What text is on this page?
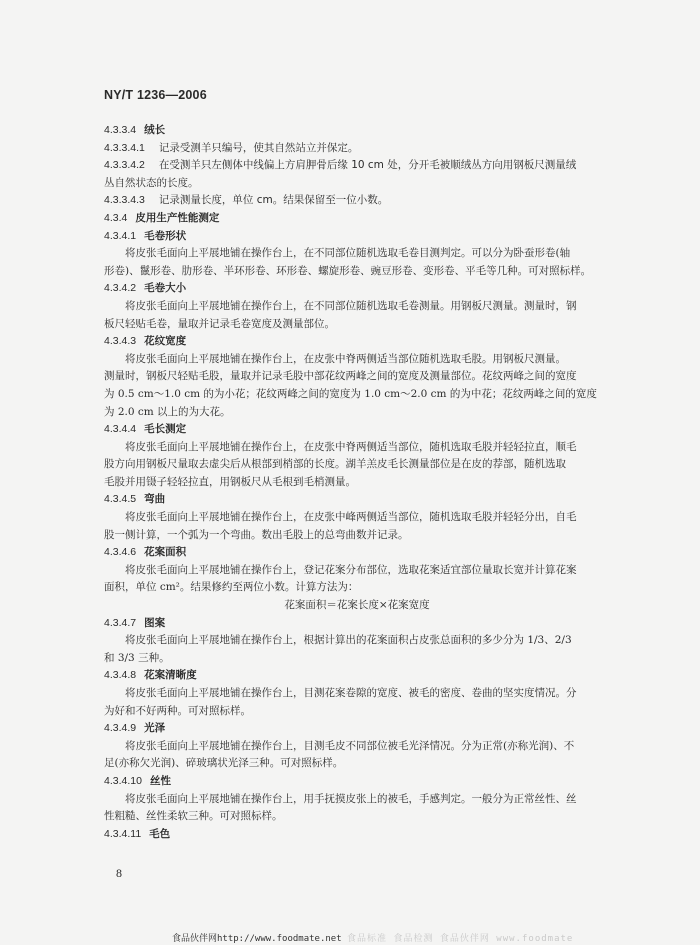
NY/T 1236—2006
4.3.3.4 绒长
4.3.3.4.1 记录受测羊只编号，使其自然站立并保定。
4.3.3.4.2 在受测羊只左侧体中线偏上方肩胛骨后缘 10 cm 处，分开毛被顺绒丛方向用钢板尺测量绒
丛自然状态的长度。
4.3.3.4.3 记录测量长度，单位 cm。结果保留至一位小数。
4.3.4 皮用生产性能测定
4.3.4.1 毛卷形状
将皮张毛面向上平展地铺在操作台上，在不同部位随机选取毛卷目测判定。可以分为卧蚕形卷(轴
形卷)、鬣形卷、肋形卷、半环形卷、环形卷、螺旋形卷、豌豆形卷、变形卷、平毛等几种。可对照标样。
4.3.4.2 毛卷大小
将皮张毛面向上平展地铺在操作台上，在不同部位随机选取毛卷测量。用钢板尺测量。测量时，钢
板尺轻贴毛卷，量取并记录毛卷宽度及测量部位。
4.3.4.3 花纹宽度
将皮张毛面向上平展地铺在操作台上，在皮张中脊两侧适当部位随机选取毛股。用钢板尺测量。
测量时，钢板尺轻贴毛股，量取并记录毛股中部花纹两峰之间的宽度及测量部位。花纹两峰之间的宽度
为 0.5 cm～1.0 cm 的为小花；花纹两峰之间的宽度为 1.0 cm～2.0 cm 的为中花；花纹两峰之间的宽度
为 2.0 cm 以上的为大花。
4.3.4.4 毛长测定
将皮张毛面向上平展地铺在操作台上，在皮张中脊两侧适当部位，随机选取毛股并轻轻拉直，顺毛
股方向用钢板尺量取去虚尖后从根部到梢部的长度。湖羊羔皮毛长测量部位是在皮的荐部，随机选取
毛股并用镊子轻轻拉直，用钢板尺从毛根到毛梢测量。
4.3.4.5 弯曲
将皮张毛面向上平展地铺在操作台上，在皮张中峰两侧适当部位，随机选取毛股并轻轻分出，自毛
股一侧计算，一个弧为一个弯曲。数出毛股上的总弯曲数并记录。
4.3.4.6 花案面积
将皮张毛面向上平展地铺在操作台上，登记花案分布部位，选取花案适宜部位量取长宽并计算花案
面积，单位 cm²。结果修约至两位小数。计算方法为：
花案面积＝花案长度×花案宽度
4.3.4.7 图案
将皮张毛面向上平展地铺在操作台上，根据计算出的花案面积占皮张总面积的多少分为 1/3、2/3
和 3/3 三种。
4.3.4.8 花案清晰度
将皮张毛面向上平展地铺在操作台上，目测花案卷隙的宽度、被毛的密度、卷曲的坚实度情况。分
为好和不好两种。可对照标样。
4.3.4.9 光泽
将皮张毛面向上平展地铺在操作台上，目测毛皮不同部位被毛光泽情况。分为正常(亦称光润)、不
足(亦称欠光润)、碎玻璃状光泽三种。可对照标样。
4.3.4.10 丝性
将皮张毛面向上平展地铺在操作台上，用手抚摸皮张上的被毛，手感判定。一般分为正常丝性、丝
性粗糙、丝性柔软三种。可对照标样。
4.3.4.11 毛色
8
食品伙伴网http://www.foodmate.net 食品标准 食品检测 食品伙伴网 www.foodmate
